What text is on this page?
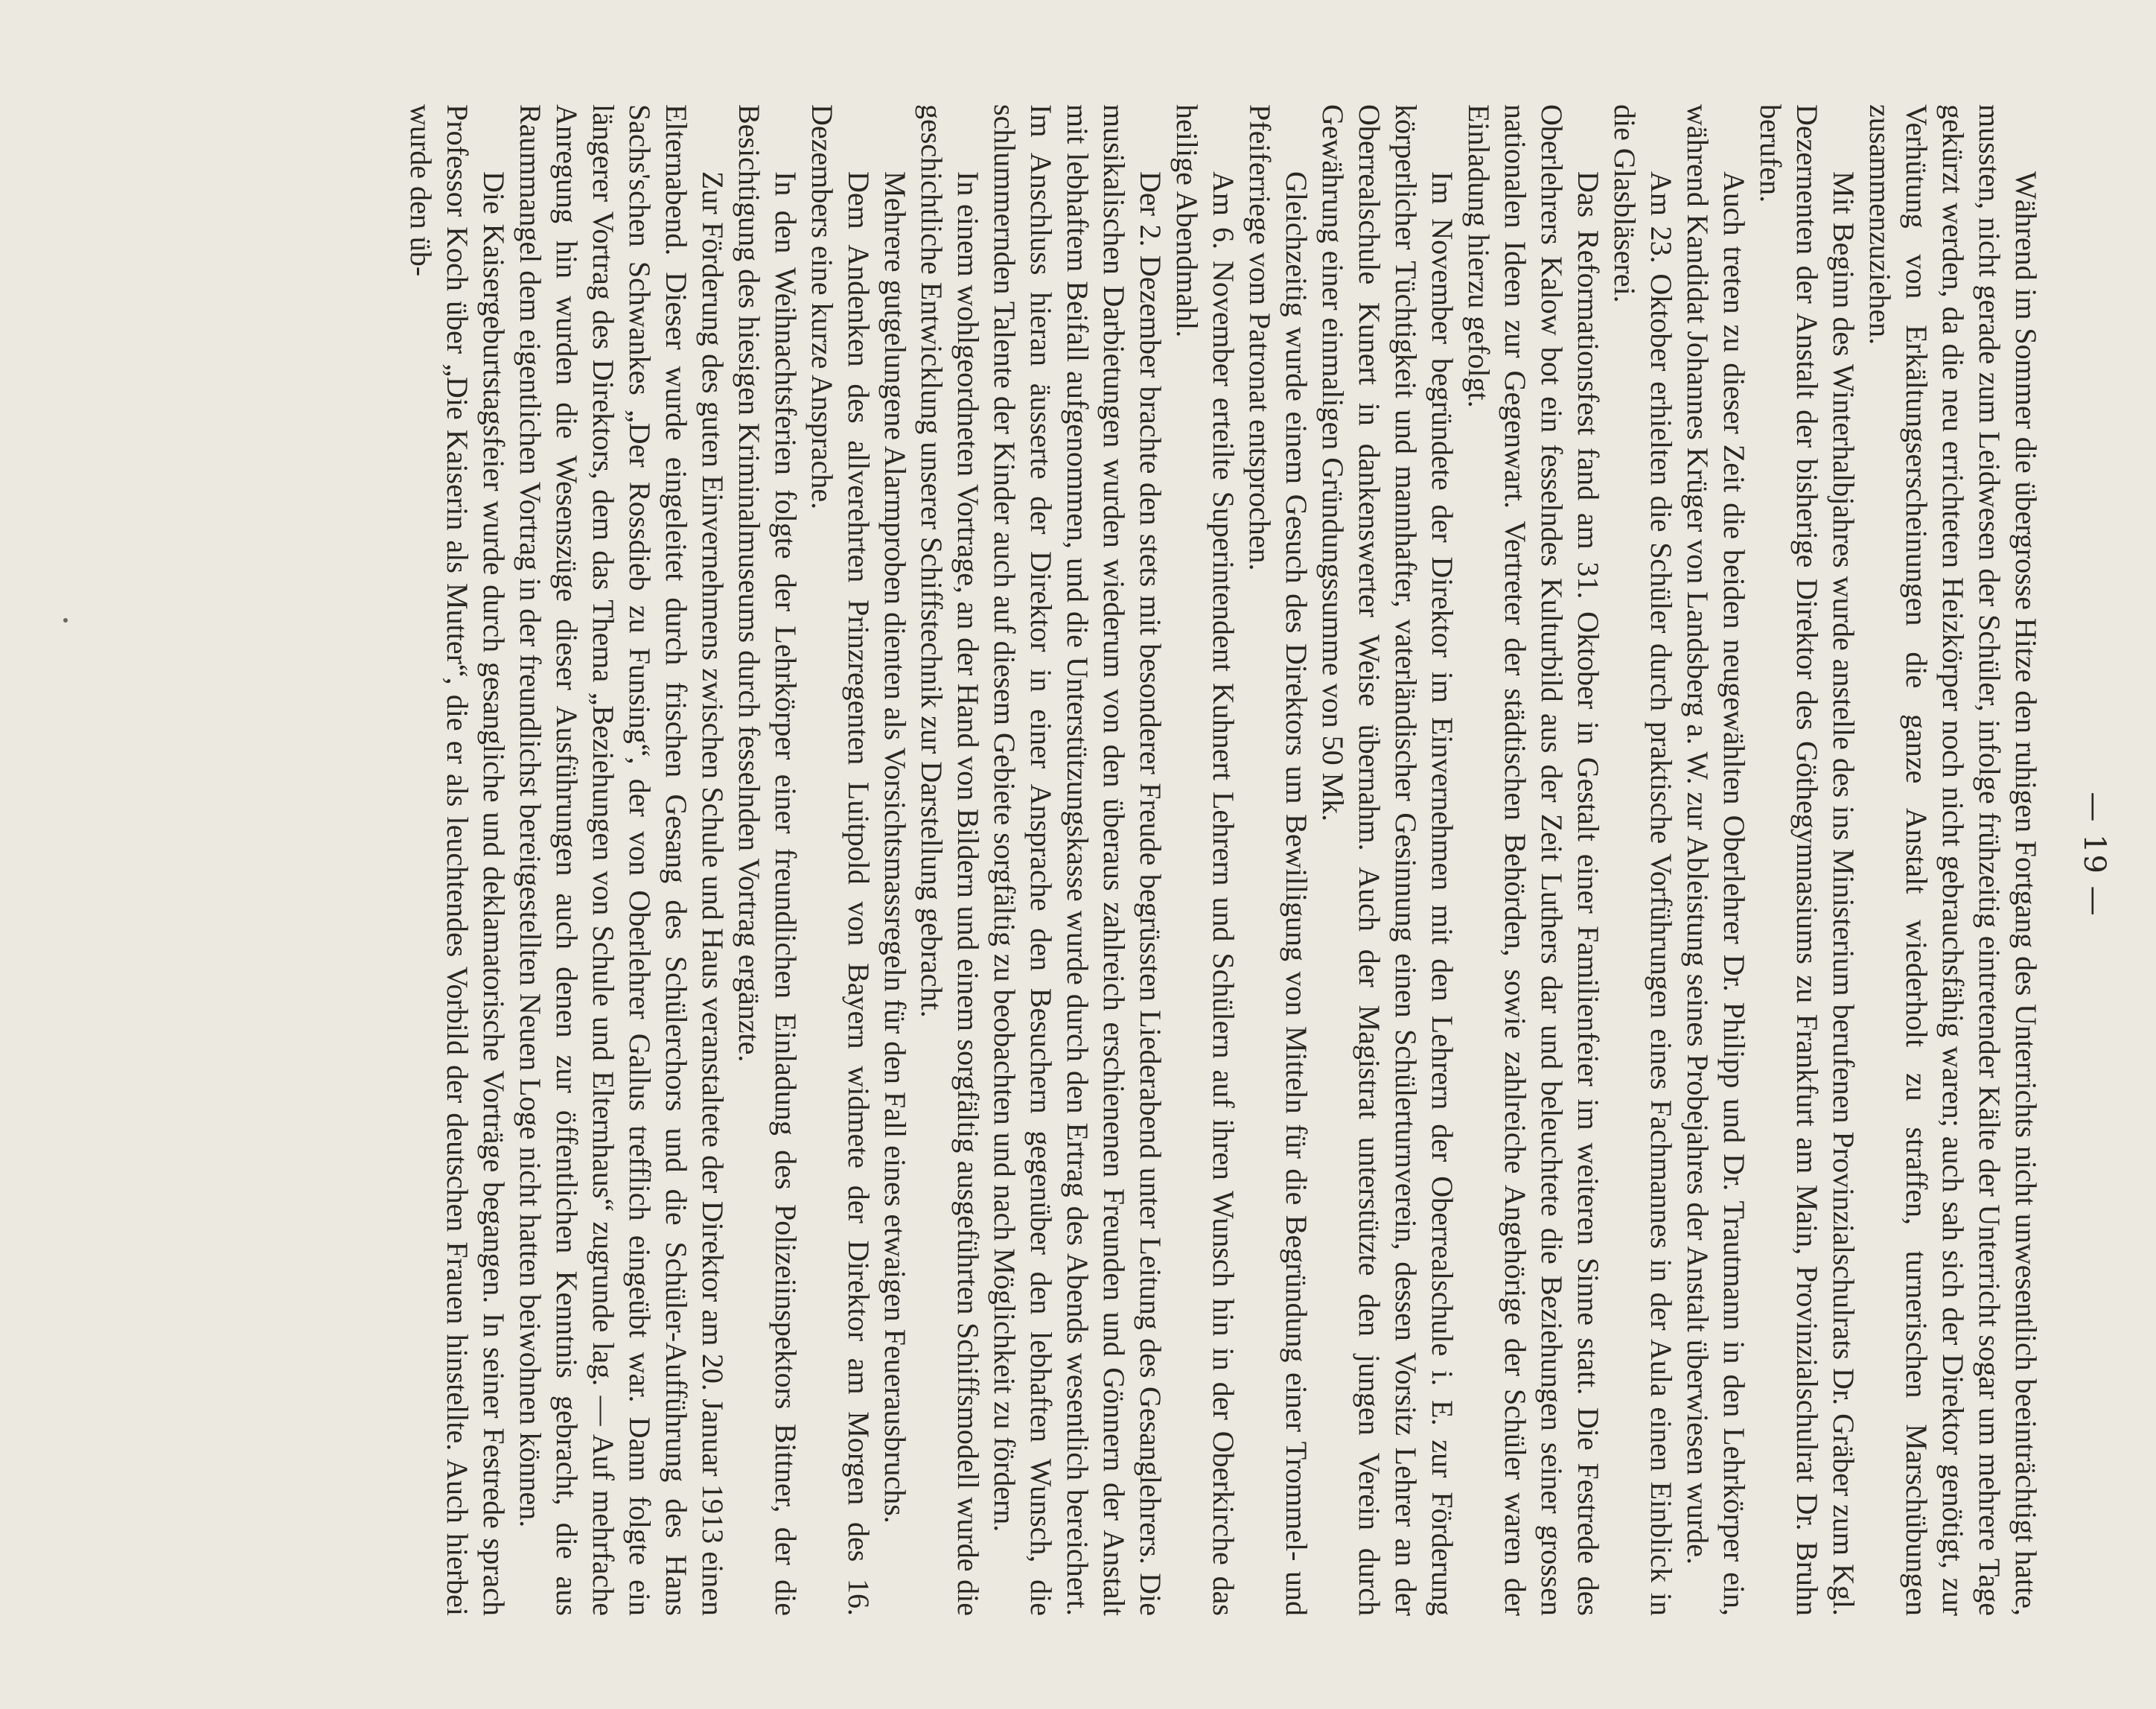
— 19 —

Während im Sommer die übergrosse Hitze den ruhigen Fortgang des Unterrichts nicht unwesentlich beeinträchtigt hatte, mussten, nicht gerade zum Leidwesen der Schüler, infolge frühzeitig eintretender Kälte der Unterricht sogar um mehrere Tage gekürzt werden, da die neu errichteten Heizkörper noch nicht gebrauchsfähig waren; auch sah sich der Direktor genötigt, zur Verhütung von Erkältungserscheinungen die ganze Anstalt wiederholt zu straffen, turnerischen Marschübungen zusammenzuziehen.

Mit Beginn des Winterhalbjahres wurde anstelle des ins Ministerium berufenen Provinzialschulrats Dr. Gräber zum Kgl. Dezernenten der Anstalt der bisherige Direktor des Göthegymnasiums zu Frankfurt am Main, Provinzialschulrat Dr. Bruhn berufen.

Auch treten zu dieser Zeit die beiden neugewählten Oberlehrer Dr. Philipp und Dr. Trautmann in den Lehrkörper ein, während Kandidat Johannes Krüger von Landsberg a. W. zur Ableistung seines Probejahres der Anstalt überwiesen wurde.

Am 23. Oktober erhielten die Schüler durch praktische Vorführungen eines Fachmannes in der Aula einen Einblick in die Glasbläserei.

Das Reformationsfest fand am 31. Oktober in Gestalt einer Familienfeier im weiteren Sinne statt. Die Festrede des Oberlehrers Kalow bot ein fesselndes Kulturbild aus der Zeit Luthers dar und beleuchtete die Beziehungen seiner grossen nationalen Ideen zur Gegenwart. Vertreter der städtischen Behörden, sowie zahlreiche Angehörige der Schüler waren der Einladung hierzu gefolgt.

Im November begründete der Direktor im Einvernehmen mit den Lehrern der Oberrealschule i. E. zur Förderung körperlicher Tüchtigkeit und mannhafter, vaterländischer Gesinnung einen Schülerturnverein, dessen Vorsitz Lehrer an der Oberrealschule Kunert in dankenswerter Weise übernahm. Auch der Magistrat unterstützte den jungen Verein durch Gewährung einer einmaligen Gründungssumme von 50 Mk.

Gleichzeitig wurde einem Gesuch des Direktors um Bewilligung von Mitteln für die Begründung einer Trommel- und Pfeiferriege vom Patronat entsprochen.

Am 6. November erteilte Superintendent Kuhnert Lehrern und Schülern auf ihren Wunsch hin in der Oberkirche das heilige Abendmahl.

Der 2. Dezember brachte den stets mit besonderer Freude begrüssten Liederabend unter Leitung des Gesanglehrers. Die musikalischen Darbietungen wurden wiederum von den überaus zahlreich erschienenen Freunden und Gönnern der Anstalt mit lebhaftem Beifall aufgenommen, und die Unterstützungskasse wurde durch den Ertrag des Abends wesentlich bereichert. Im Anschluss hieran äusserte der Direktor in einer Ansprache den Besuchern gegenüber den lebhaften Wunsch, die schlummernden Talente der Kinder auch auf diesem Gebiete sorgfältig zu beobachten und nach Möglichkeit zu fördern.

In einem wohlgeordneten Vortrage, an der Hand von Bildern und einem sorgfältig ausgeführten Schiffsmodell wurde die geschichtliche Entwicklung unserer Schiffstechnik zur Darstellung gebracht.

Mehrere gutgelungene Alarmproben dienten als Vorsichtsmassregeln für den Fall eines etwaigen Feuerausbruchs.

Dem Andenken des allverehrten Prinzregenten Luitpold von Bayern widmete der Direktor am Morgen des 16. Dezembers eine kurze Ansprache.

In den Weihnachtsferien folgte der Lehrkörper einer freundlichen Einladung des Polizeiinspektors Bittner, der die Besichtigung des hiesigen Kriminalmuseums durch fesselnden Vortrag ergänzte.

Zur Förderung des guten Einvernehmens zwischen Schule und Haus veranstaltete der Direktor am 20. Januar 1913 einen Elternabend. Dieser wurde eingeleitet durch frischen Gesang des Schülerchors und die Schüler-Aufführung des Hans Sachs'schen Schwankes „Der Rossdieb zu Funsing“, der von Oberlehrer Gallus trefflich eingeübt war. Dann folgte ein längerer Vortrag des Direktors, dem das Thema „Beziehungen von Schule und Elternhaus“ zugrunde lag. — Auf mehrfache Anregung hin wurden die Wesenszüge dieser Ausführungen auch denen zur öffentlichen Kenntnis gebracht, die aus Raummangel dem eigentlichen Vortrag in der freundlichst bereitgestellten Neuen Loge nicht hatten beiwohnen können.

Die Kaisergeburtstagsfeier wurde durch gesangliche und deklamatorische Vorträge begangen. In seiner Festrede sprach Professor Koch über „Die Kaiserin als Mutter“, die er als leuchtendes Vorbild der deutschen Frauen hinstellte. Auch hierbei wurde den üb-
